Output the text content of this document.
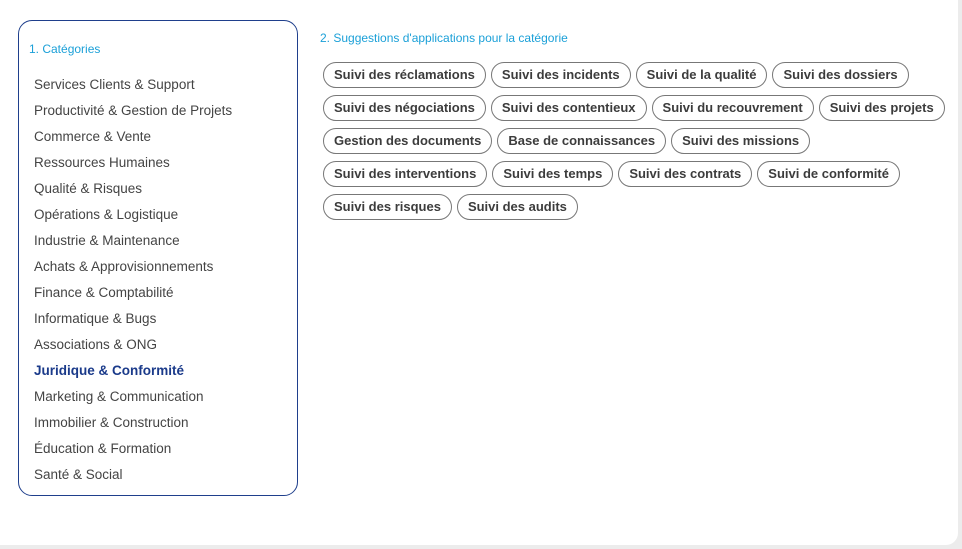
1. Catégories
Services Clients & Support
Productivité & Gestion de Projets
Commerce & Vente
Ressources Humaines
Qualité & Risques
Opérations & Logistique
Industrie & Maintenance
Achats & Approvisionnements
Finance & Comptabilité
Informatique & Bugs
Associations & ONG
Juridique & Conformité
Marketing & Communication
Immobilier & Construction
Éducation & Formation
Santé & Social
2. Suggestions d'applications pour la catégorie
Suivi des réclamations	Suivi des incidents	Suivi de la qualité	Suivi des dossiers
Suivi des négociations	Suivi des contentieux	Suivi du recouvrement	Suivi des projets
Gestion des documents	Base de connaissances	Suivi des missions
Suivi des interventions	Suivi des temps	Suivi des contrats	Suivi de conformité
Suivi des risques	Suivi des audits
